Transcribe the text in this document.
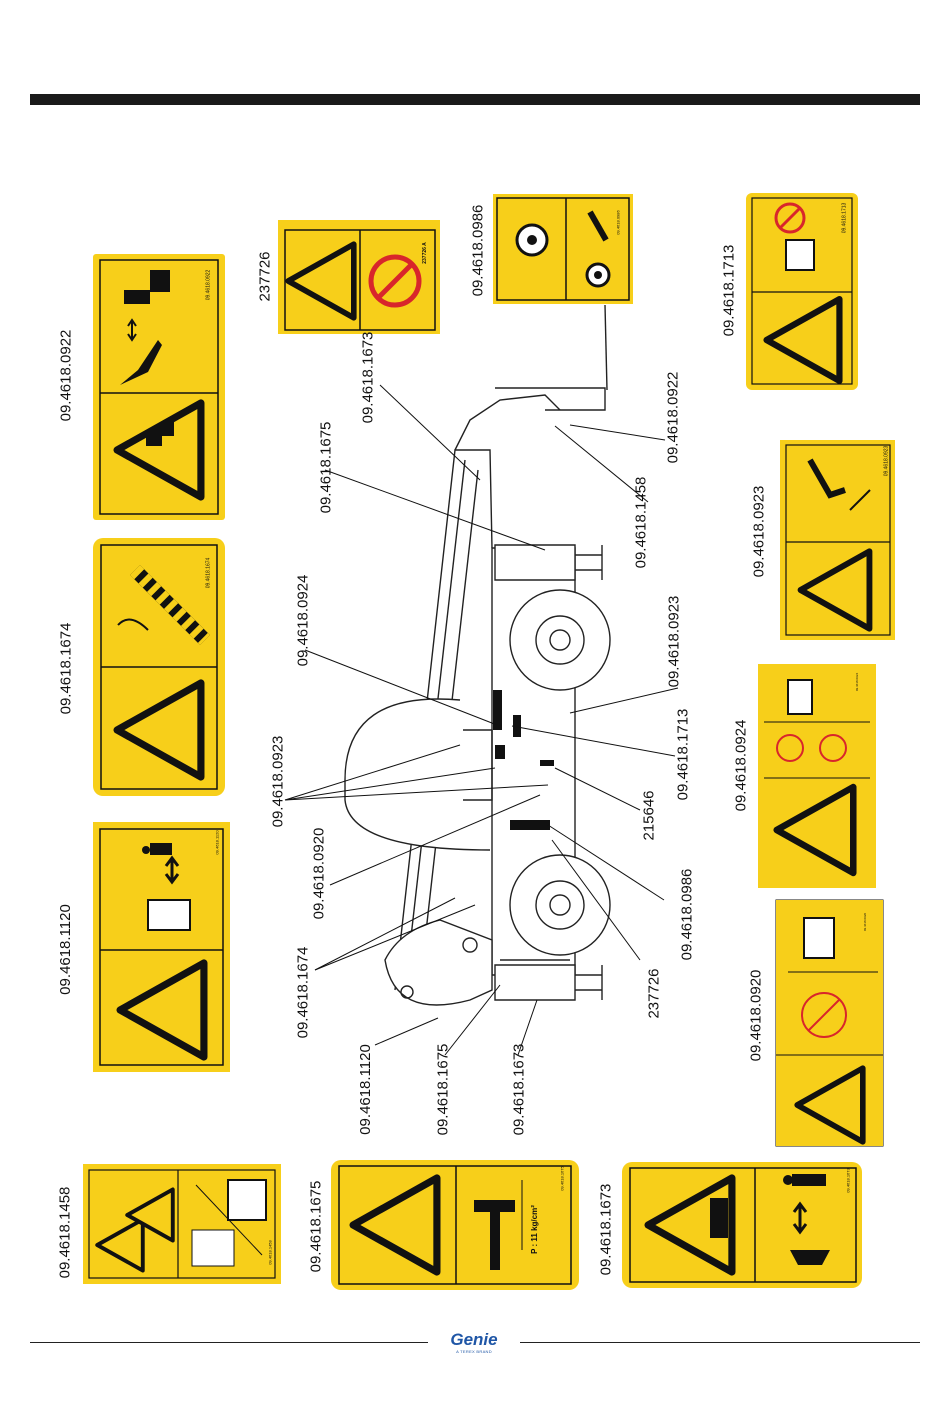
09.4618.0922
09.4618.1674
09.4618.1120
09.4618.1458
237726 A
09.4618.0986	09.4618.1713
09.4618.0923
09.4618.0924
09.4618.0920
09.4618.1675	09.4618.1673
P : 11 kg/cm²
09.4618.0922
09.4618.1674
09.4618.1120
09.4618.1458
237726	09.4618.0986	09.4618.1713
09.4618.0923
09.4618.0924
09.4618.0920
09.4618.1675	09.4618.1673
09.4618.1675
09.4618.1673
09.4618.0924
09.4618.0923
09.4618.0920
09.4618.1674
09.4618.1120	09.4618.1675	09.4618.1673
09.4618.0922
09.4618.1458
09.4618.0923
09.4618.1713
215646
09.4618.0986
237726
Genie
A TEREX BRAND
